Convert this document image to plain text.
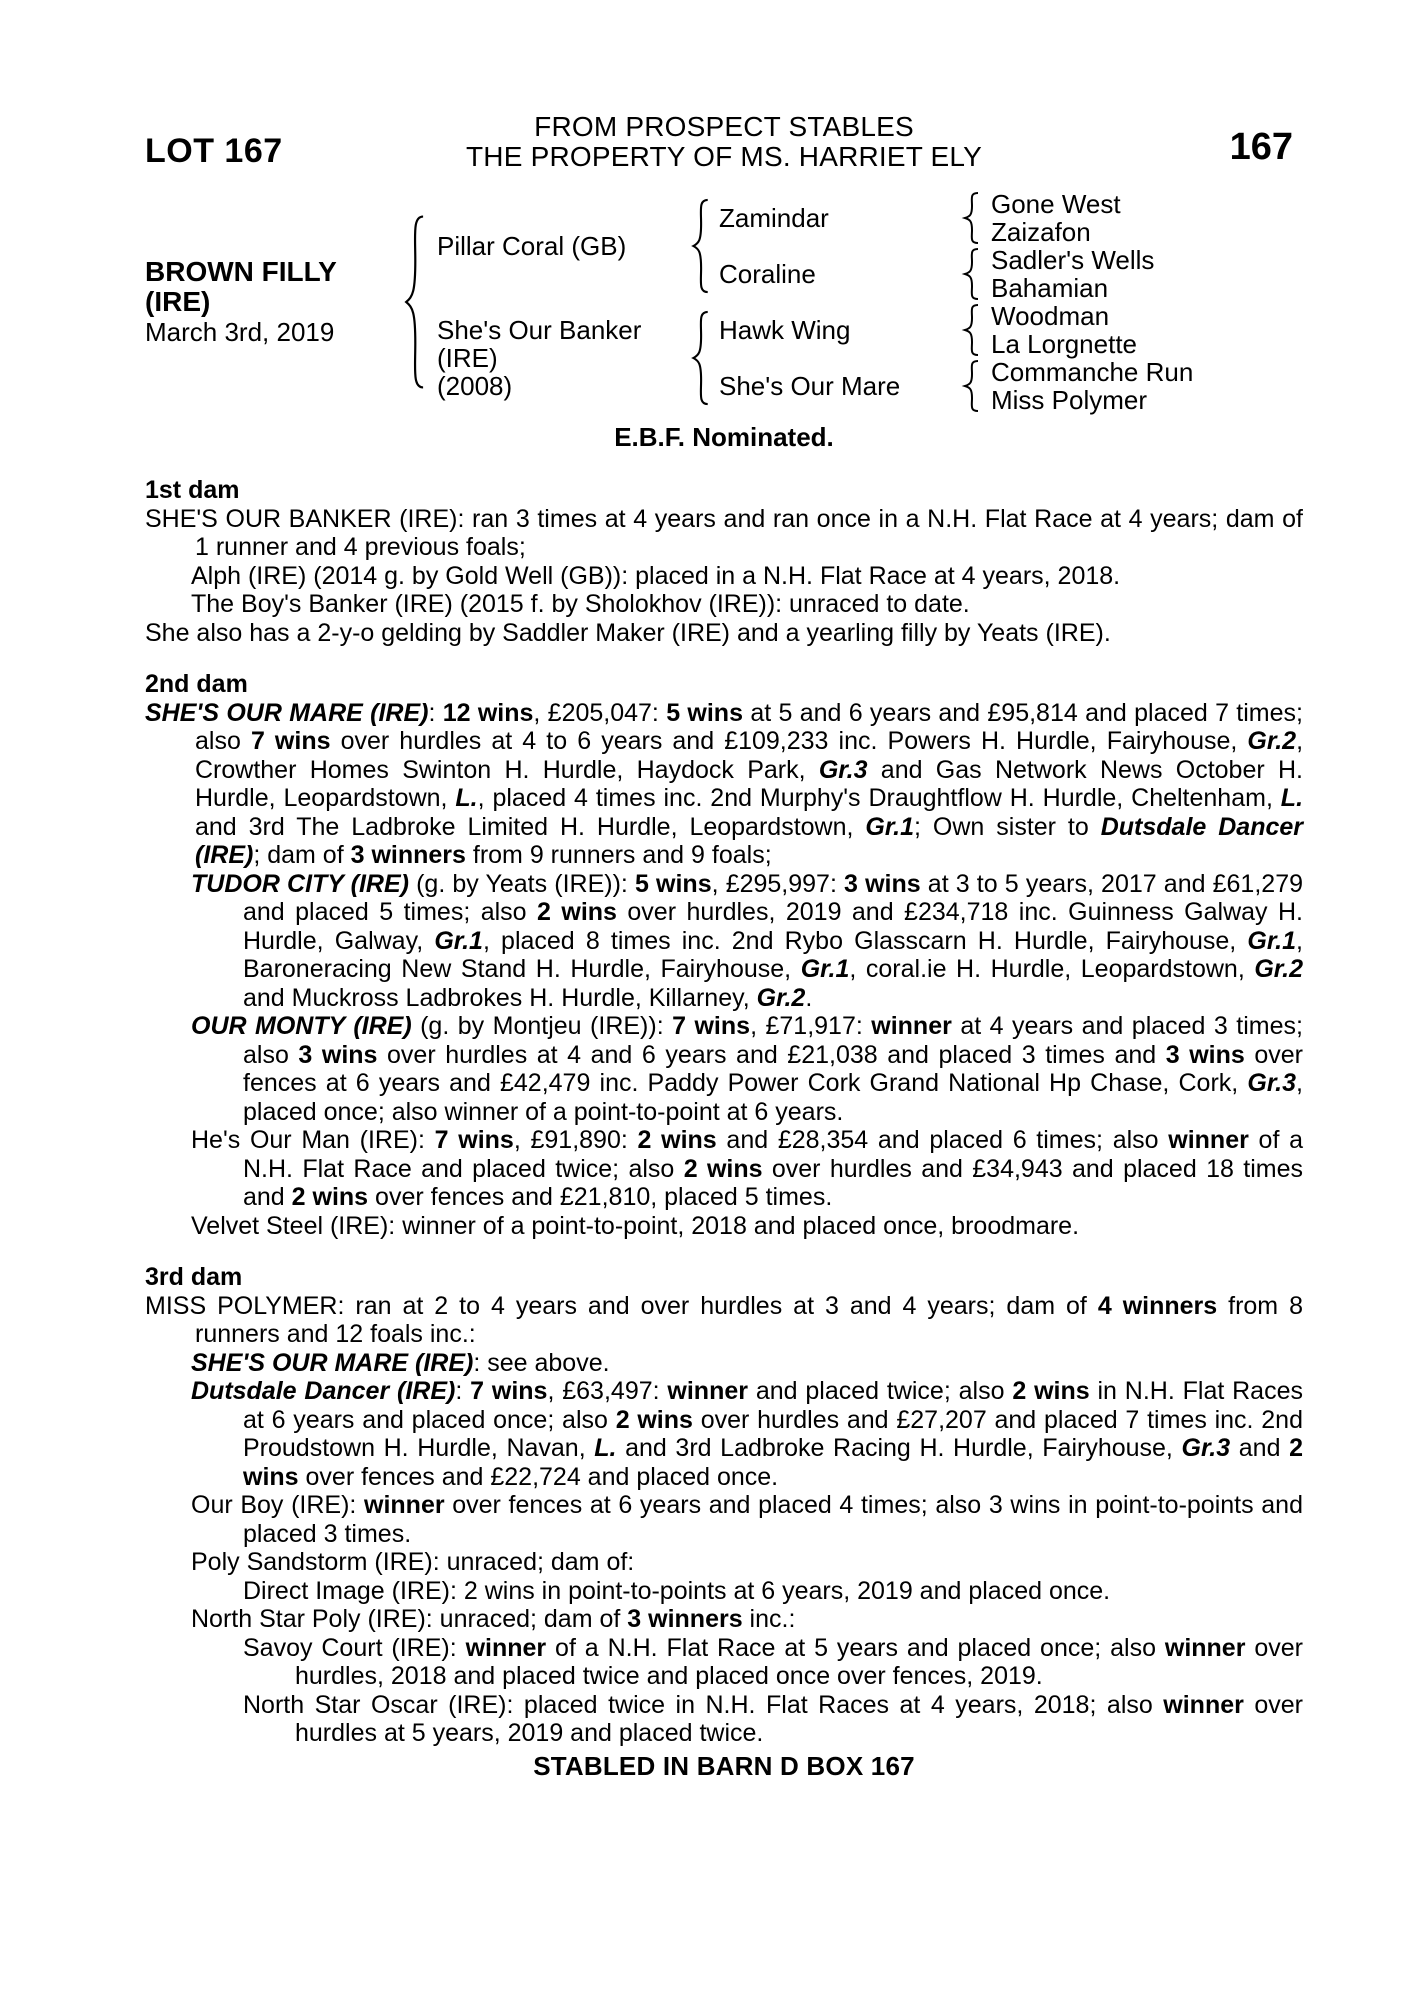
LOT 167
FROM PROSPECT STABLES
THE PROPERTY OF MS. HARRIET ELY	167
BROWN FILLY
(IRE)
March 3rd, 2019
Pillar Coral (GB)
She's Our Banker
(IRE)
(2008)
Zamindar
Coraline
Hawk Wing
She's Our Mare
Gone West
Zaizafon
Sadler's Wells
Bahamian
Woodman
La Lorgnette
Commanche Run
Miss Polymer
E.B.F. Nominated.
1st dam

SHE'S OUR BANKER (IRE): ran 3 times at 4 years and ran once in a N.H. Flat Race at 4 years; dam of 1 runner and 4 previous foals;

Alph (IRE) (2014 g. by Gold Well (GB)): placed in a N.H. Flat Race at 4 years, 2018.

The Boy's Banker (IRE) (2015 f. by Sholokhov (IRE)): unraced to date.

She also has a 2-y-o gelding by Saddler Maker (IRE) and a yearling filly by Yeats (IRE).

2nd dam

SHE'S OUR MARE (IRE): 12 wins, £205,047: 5 wins at 5 and 6 years and £95,814 and placed 7 times; also 7 wins over hurdles at 4 to 6 years and £109,233 inc. Powers H. Hurdle, Fairyhouse, Gr.2, Crowther Homes Swinton H. Hurdle, Haydock Park, Gr.3 and Gas Network News October H. Hurdle, Leopardstown, L., placed 4 times inc. 2nd Murphy's Draughtflow H. Hurdle, Cheltenham, L. and 3rd The Ladbroke Limited H. Hurdle, Leopardstown, Gr.1; Own sister to Dutsdale Dancer (IRE); dam of 3 winners from 9 runners and 9 foals;

TUDOR CITY (IRE) (g. by Yeats (IRE)): 5 wins, £295,997: 3 wins at 3 to 5 years, 2017 and £61,279 and placed 5 times; also 2 wins over hurdles, 2019 and £234,718 inc. Guinness Galway H. Hurdle, Galway, Gr.1, placed 8 times inc. 2nd Rybo Glasscarn H. Hurdle, Fairyhouse, Gr.1, Baroneracing New Stand H. Hurdle, Fairyhouse, Gr.1, coral.ie H. Hurdle, Leopardstown, Gr.2 and Muckross Ladbrokes H. Hurdle, Killarney, Gr.2.

OUR MONTY (IRE) (g. by Montjeu (IRE)): 7 wins, £71,917: winner at 4 years and placed 3 times; also 3 wins over hurdles at 4 and 6 years and £21,038 and placed 3 times and 3 wins over fences at 6 years and £42,479 inc. Paddy Power Cork Grand National Hp Chase, Cork, Gr.3, placed once; also winner of a point-to-point at 6 years.

He's Our Man (IRE): 7 wins, £91,890: 2 wins and £28,354 and placed 6 times; also winner of a N.H. Flat Race and placed twice; also 2 wins over hurdles and £34,943 and placed 18 times and 2 wins over fences and £21,810, placed 5 times.

Velvet Steel (IRE): winner of a point-to-point, 2018 and placed once, broodmare.

3rd dam

MISS POLYMER: ran at 2 to 4 years and over hurdles at 3 and 4 years; dam of 4 winners from 8 runners and 12 foals inc.:

SHE'S OUR MARE (IRE): see above.

Dutsdale Dancer (IRE): 7 wins, £63,497: winner and placed twice; also 2 wins in N.H. Flat Races at 6 years and placed once; also 2 wins over hurdles and £27,207 and placed 7 times inc. 2nd Proudstown H. Hurdle, Navan, L. and 3rd Ladbroke Racing H. Hurdle, Fairyhouse, Gr.3 and 2 wins over fences and £22,724 and placed once.

Our Boy (IRE): winner over fences at 6 years and placed 4 times; also 3 wins in point-to-points and placed 3 times.

Poly Sandstorm (IRE): unraced; dam of:

Direct Image (IRE): 2 wins in point-to-points at 6 years, 2019 and placed once.

North Star Poly (IRE): unraced; dam of 3 winners inc.:

Savoy Court (IRE): winner of a N.H. Flat Race at 5 years and placed once; also winner over hurdles, 2018 and placed twice and placed once over fences, 2019.

North Star Oscar (IRE): placed twice in N.H. Flat Races at 4 years, 2018; also winner over hurdles at 5 years, 2019 and placed twice.

STABLED IN BARN D BOX 167
